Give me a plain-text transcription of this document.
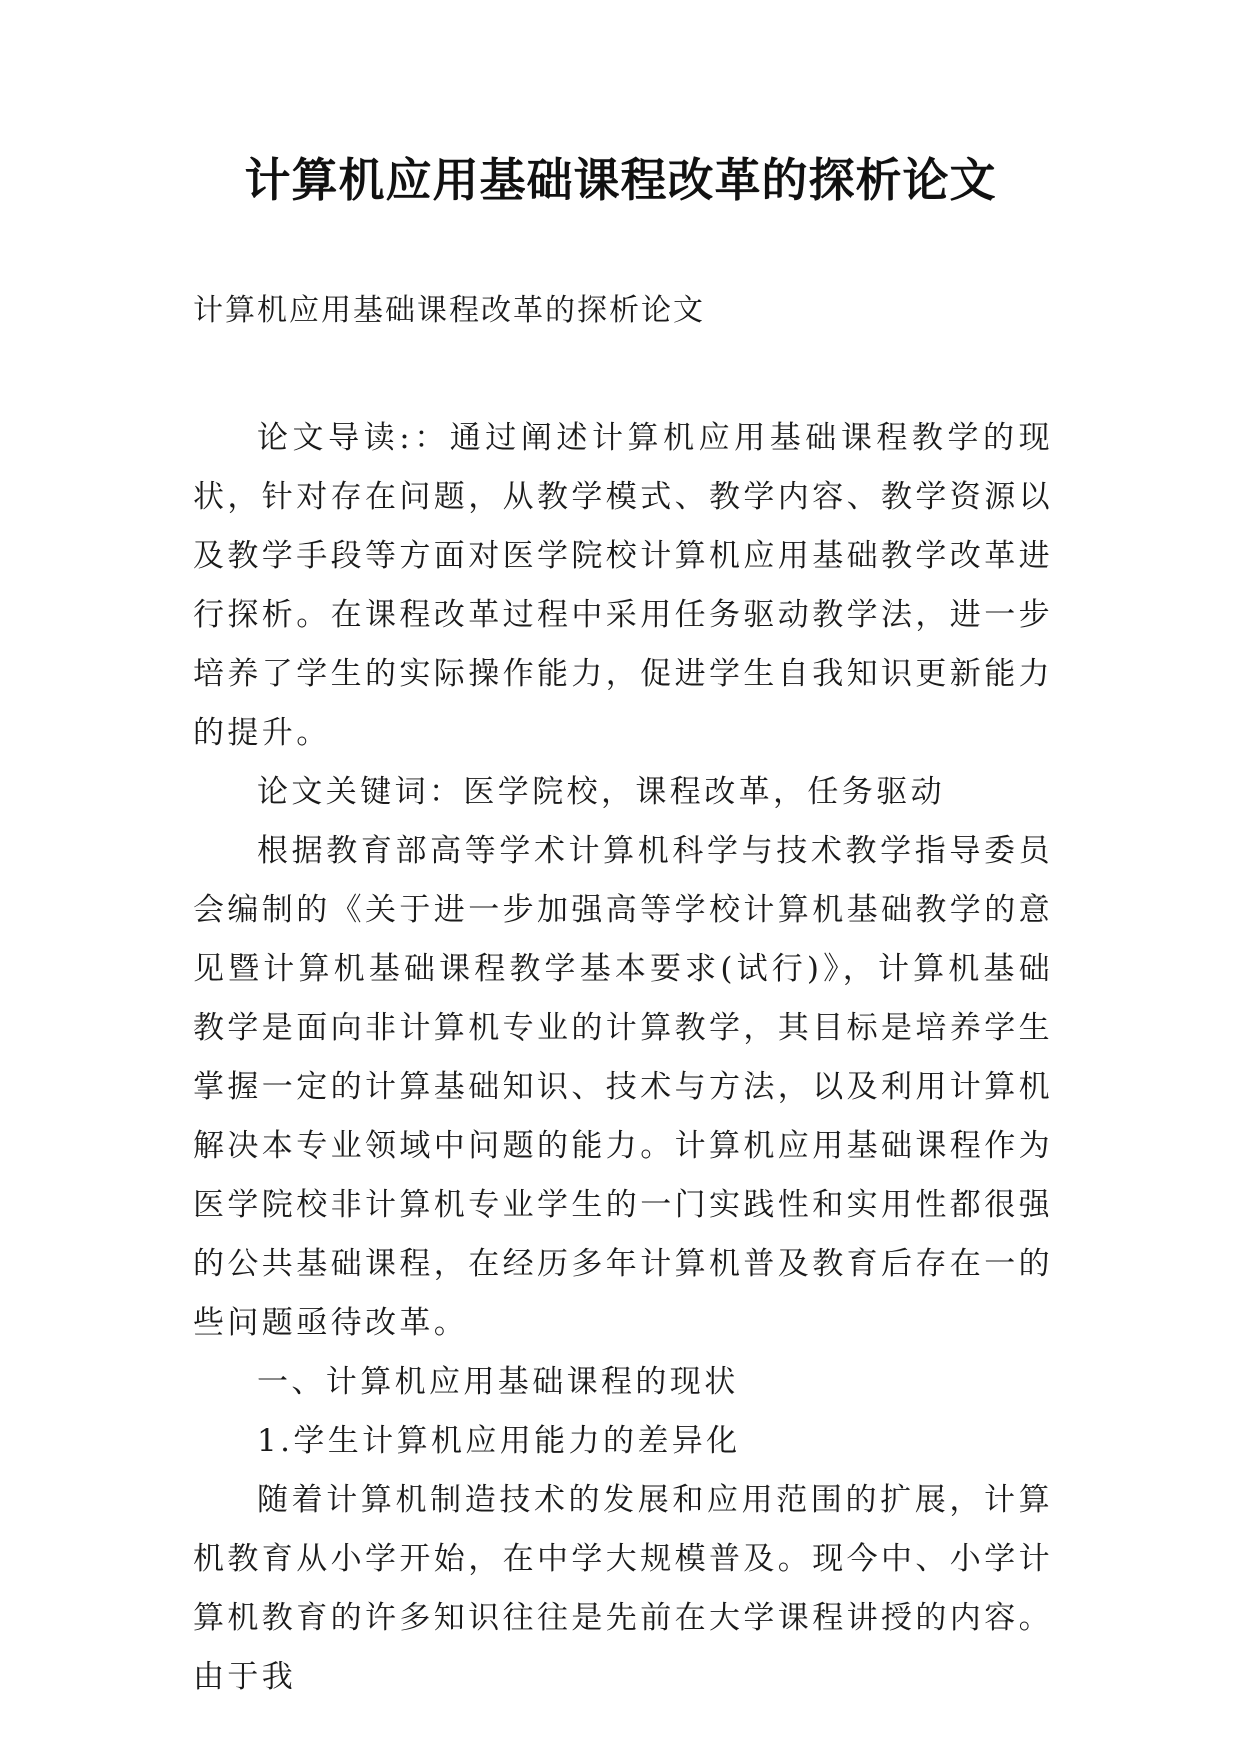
计算机应用基础课程改革的探析论文
计算机应用基础课程改革的探析论文

论文导读:：通过阐述计算机应用基础课程教学的现状，针对存在问题，从教学模式、教学内容、教学资源以及教学手段等方面对医学院校计算机应用基础教学改革进行探析。在课程改革过程中采用任务驱动教学法，进一步培养了学生的实际操作能力，促进学生自我知识更新能力的提升。

论文关键词：医学院校，课程改革，任务驱动

根据教育部高等学术计算机科学与技术教学指导委员会编制的《关于进一步加强高等学校计算机基础教学的意见暨计算机基础课程教学基本要求(试行)》，计算机基础教学是面向非计算机专业的计算教学，其目标是培养学生掌握一定的计算基础知识、技术与方法，以及利用计算机解决本专业领域中问题的能力。计算机应用基础课程作为医学院校非计算机专业学生的一门实践性和实用性都很强的公共基础课程，在经历多年计算机普及教育后存在一的些问题亟待改革。

一、计算机应用基础课程的现状

1.学生计算机应用能力的差异化

随着计算机制造技术的发展和应用范围的扩展，计算机教育从小学开始，在中学大规模普及。现今中、小学计算机教育的许多知识往往是先前在大学课程讲授的内容。由于我
